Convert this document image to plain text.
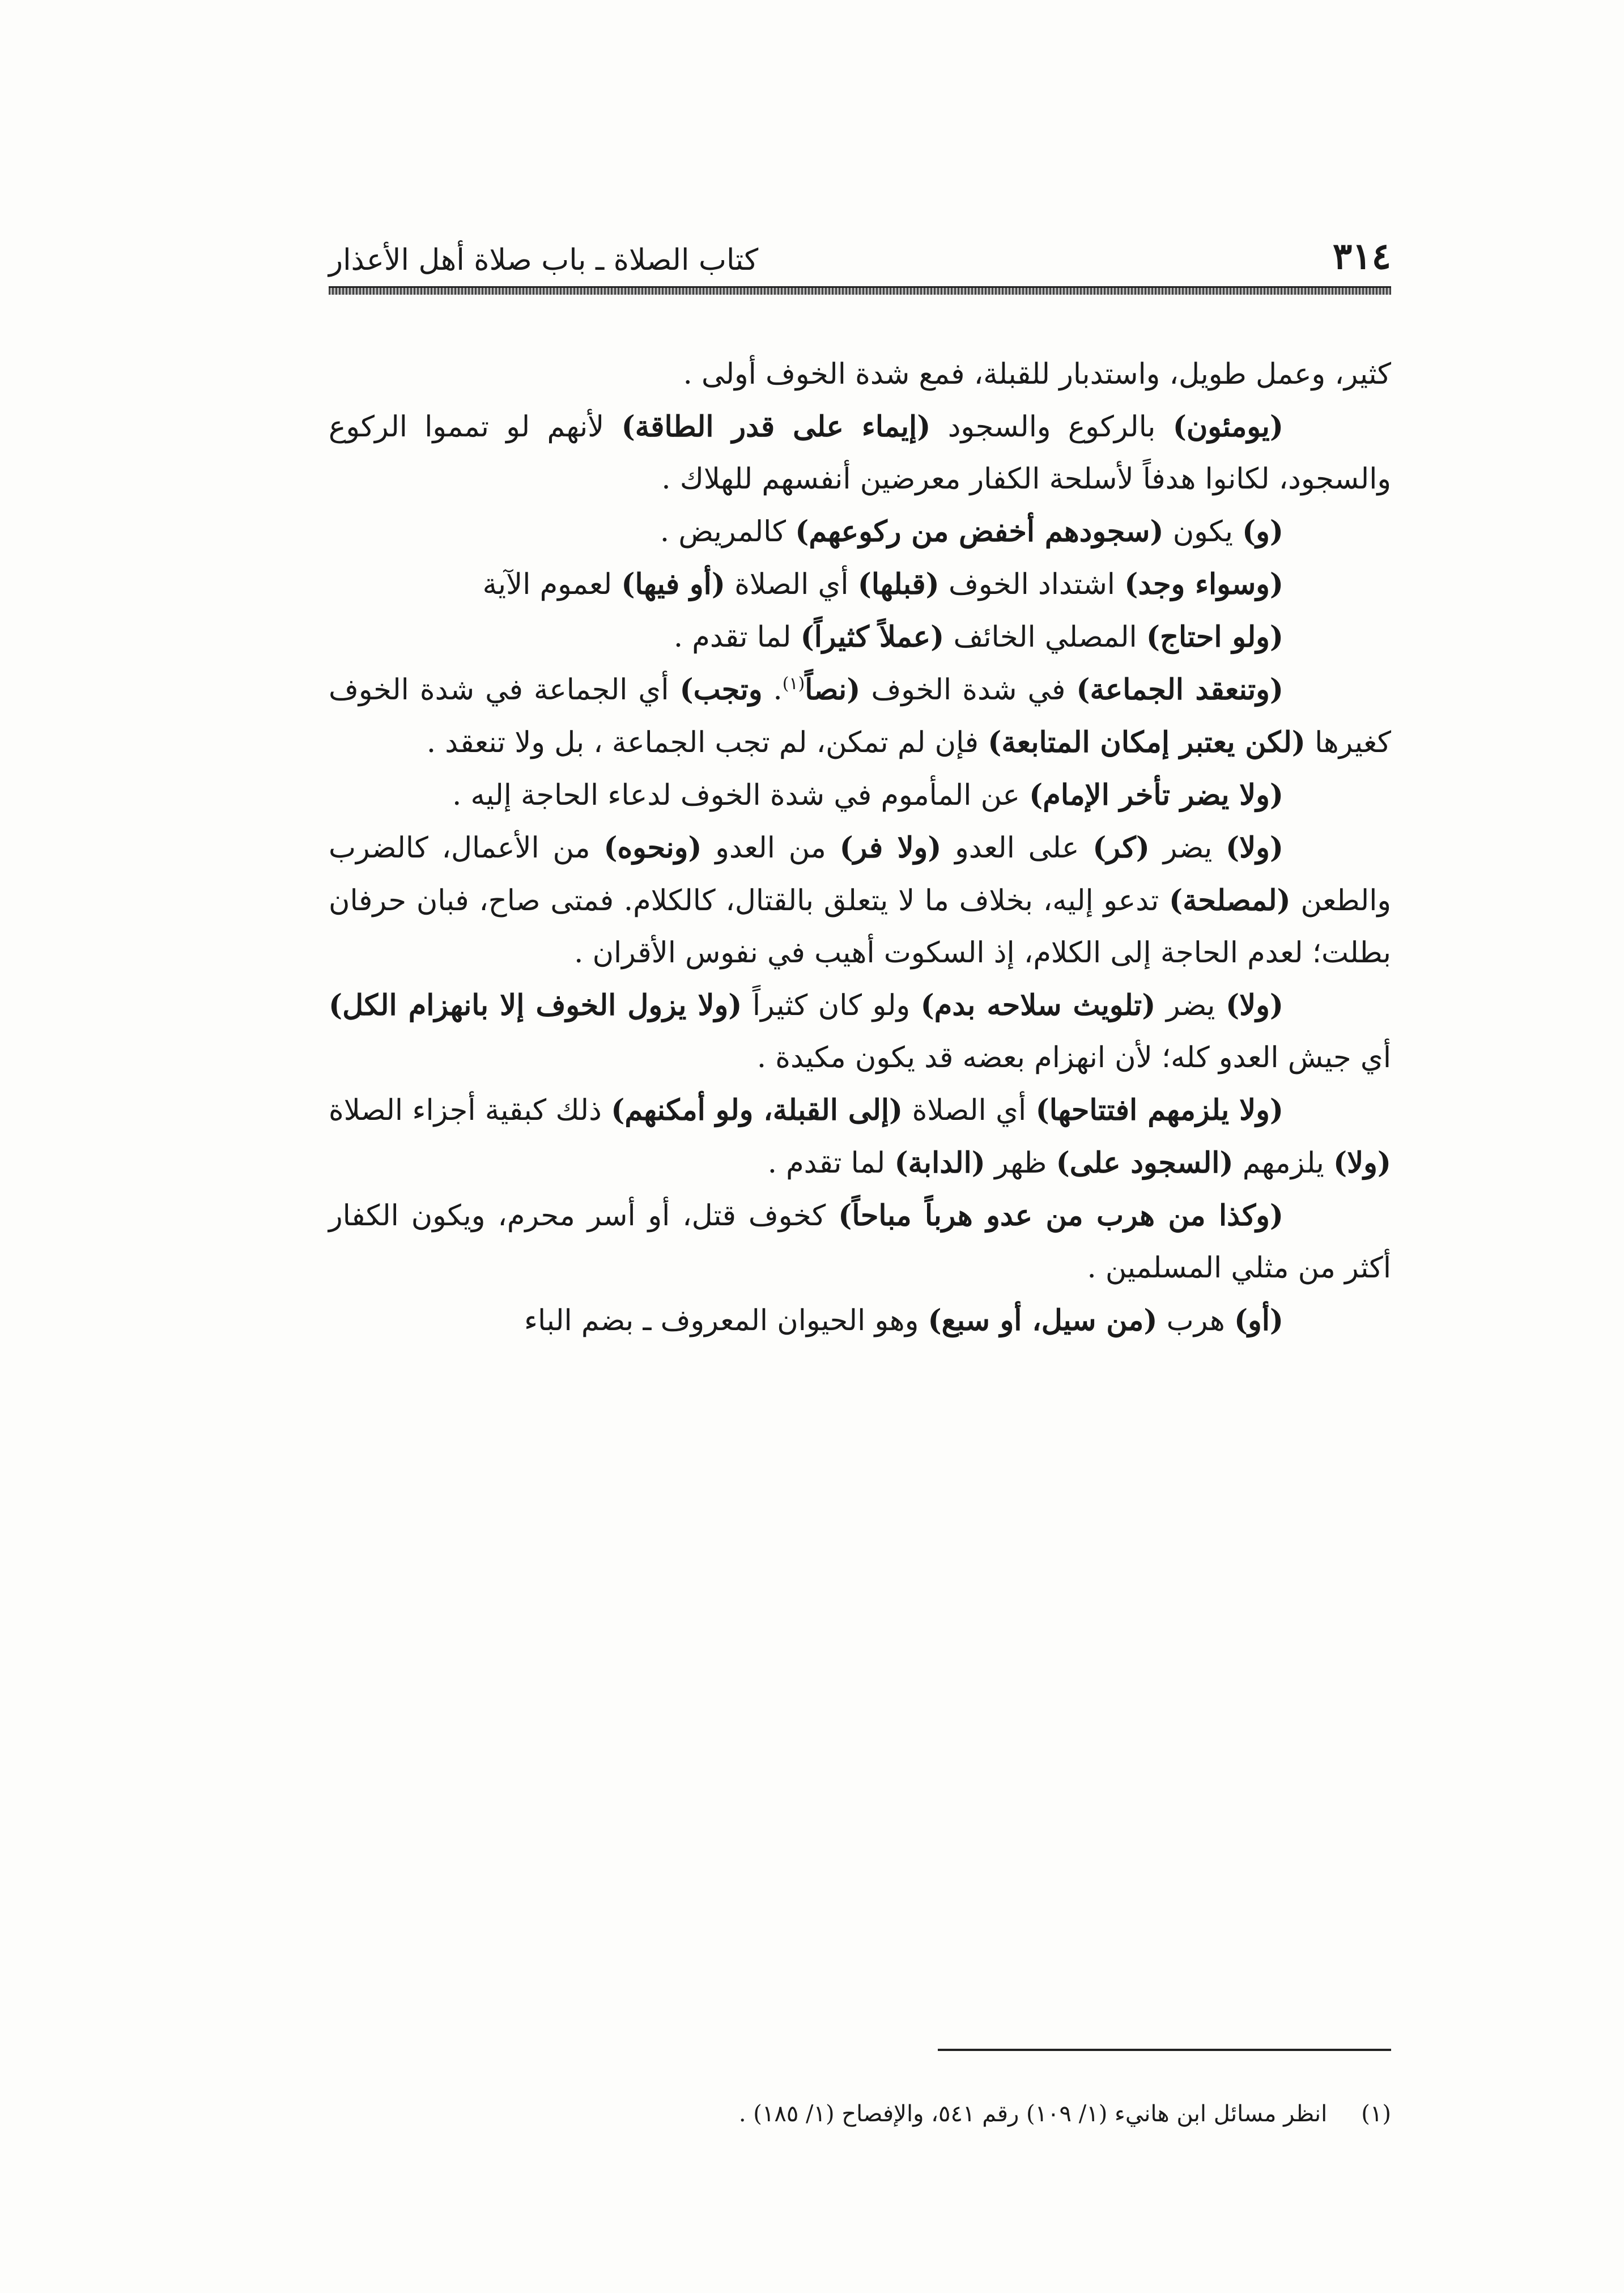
٣١٤
كتاب الصلاة ـ باب صلاة أهل الأعذار

كثير، وعمل طويل، واستدبار للقبلة، فمع شدة الخوف أولى .

(يومئون) بالركوع والسجود (إيماء على قدر الطاقة) لأنهم لو تمموا الركوع والسجود، لكانوا هدفاً لأسلحة الكفار معرضين أنفسهم للهلاك .

(و) يكون (سجودهم أخفض من ركوعهم) كالمريض .

(وسواء وجد) اشتداد الخوف (قبلها) أي الصلاة (أو فيها) لعموم الآية

(ولو احتاج) المصلي الخائف (عملاً كثيراً) لما تقدم .

(وتنعقد الجماعة) في شدة الخوف (نصاً$^{(١)}$. وتجب) أي الجماعة في شدة الخوف كغيرها (لكن يعتبر إمكان المتابعة) فإن لم تمكن، لم تجب الجماعة ، بل ولا تنعقد .

(ولا يضر تأخر الإمام) عن المأموم في شدة الخوف لدعاء الحاجة إليه .

(ولا) يضر (كر) على العدو (ولا فر) من العدو (ونحوه) من الأعمال، كالضرب والطعن (لمصلحة) تدعو إليه، بخلاف ما لا يتعلق بالقتال، كالكلام. فمتى صاح، فبان حرفان بطلت؛ لعدم الحاجة إلى الكلام، إذ السكوت أهيب في نفوس الأقران .

(ولا) يضر (تلويث سلاحه بدم) ولو كان كثيراً (ولا يزول الخوف إلا بانهزام الكل) أي جيش العدو كله؛ لأن انهزام بعضه قد يكون مكيدة .

(ولا يلزمهم افتتاحها) أي الصلاة (إلى القبلة، ولو أمكنهم) ذلك كبقية أجزاء الصلاة (ولا) يلزمهم (السجود على) ظهر (الدابة) لما تقدم .

(وكذا من هرب من عدو هرباً مباحاً) كخوف قتل، أو أسر محرم، ويكون الكفار أكثر من مثلي المسلمين .

(أو) هرب (من سيل، أو سبع) وهو الحيوان المعروف ـ بضم الباء

(١)انظر مسائل ابن هانيء (١/ ١٠٩) رقم ٥٤١، والإفصاح (١/ ١٨٥) .
